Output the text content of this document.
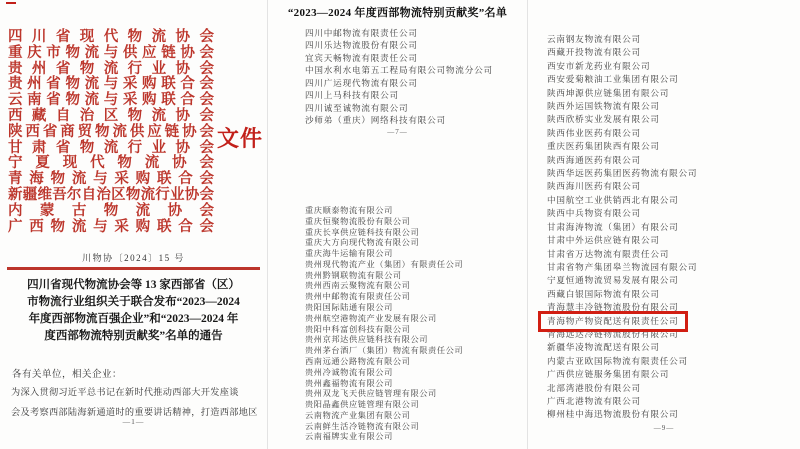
四川省现代物流协会
重庆市物流与供应链协会
贵州省物流行业协会
贵州省物流与采购联合会
云南省物流与采购联合会
西藏自治区物流协会
陕西省商贸物流供应链协会
甘肃省物流行业协会
宁夏现代物流协会
青海物流与采购联合会
新疆维吾尔自治区物流行业协会
内蒙古物流协会
广西物流与采购联合会
文件
川物协〔2024〕15 号
四川省现代物流协会等 13 家西部省（区）
市物流行业组织关于联合发布“2023—2024
年度西部物流百强企业”和“2023—2024 年
度西部物流特别贡献奖”名单的通告
各有关单位，相关企业：
为深入贯彻习近平总书记在新时代推动西部大开发座谈
会及考察西部陆海新通道时的重要讲话精神，打造西部地区
—1—
“2023—2024 年度西部物流特别贡献奖”名单
四川中邮物流有限责任公司
四川乐达物流股份有限公司
宜宾天畅物流有限责任公司
中国水利水电第五工程局有限公司物流分公司
四川广运现代物流有限公司
四川上马科技有限公司
四川诚至诚物流有限公司
沙师弟（重庆）网络科技有限公司
—7—
重庆顺泰物流有限公司
重庆恒聚物流股份有限公司
重庆长享供应链科技有限公司
重庆大方向现代物流有限公司
重庆海牛运输有限公司
贵州现代物流产业（集团）有限责任公司
贵州黔钢联物流有限公司
贵州西南云聚物流有限公司
贵州中邮物流有限责任公司
贵阳国际陆通有限公司
贵州航空港物流产业发展有限公司
贵阳中科富创科技有限公司
贵州京邦达供应链科技有限公司
贵州茅台酒厂（集团）物流有限责任公司
西南远通公路物流有限公司
贵州冷诚物流有限公司
贵州鑫福物流有限公司
贵州双龙飞天供应链管理有限公司
贵阳晶鑫供应链管理有限公司
云南物流产业集团有限公司
云南鲜生活冷链物流有限公司
云南福牌实业有限公司
云南钢友物流有限公司
西藏开投物流有限公司
西安市新龙药业有限公司
西安爱菊粮油工业集团有限公司
陕西坤源供应链集团有限公司
陕西外运国铁物流有限公司
陕西欣桥实业发展有限公司
陕西伟业医药有限公司
重庆医药集团陕西有限公司
陕西海通医药有限公司
陕西华远医药集团医药物流有限公司
陕西海川医药有限公司
中国航空工业供销西北有限公司
陕西中兵物资有限公司
甘肃海涛物流（集团）有限公司
甘肃中外运供应链有限公司
甘肃省万达物流有限责任公司
甘肃省物产集团皋兰物流园有限公司
宁夏恒通物流贸易发展有限公司
西藏白银国际物流有限公司
青海慧丰冷链物流股份有限公司
青海物产物资配送有限责任公司
青海远达冷链物流股份有限公司
新疆华凌物流配送有限公司
内蒙古亚欧国际物流有限责任公司
广西供应链服务集团有限公司
北部湾港股份有限公司
广西北港物流有限公司
柳州桂中海迅物流股份有限公司
—9—
